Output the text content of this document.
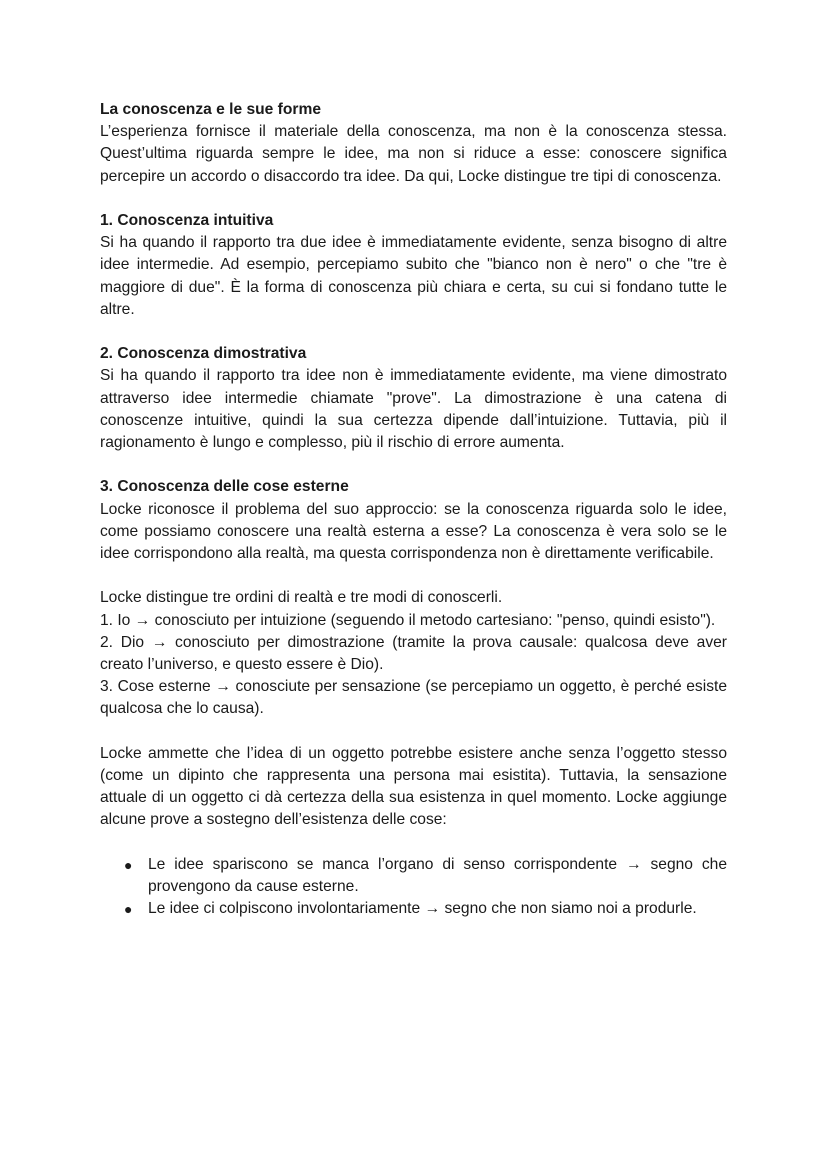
La conoscenza e le sue forme

L’esperienza fornisce il materiale della conoscenza, ma non è la conoscenza stessa. Quest’ultima riguarda sempre le idee, ma non si riduce a esse: conoscere significa percepire un accordo o disaccordo tra idee. Da qui, Locke distingue tre tipi di conoscenza.

1. Conoscenza intuitiva

Si ha quando il rapporto tra due idee è immediatamente evidente, senza bisogno di altre idee intermedie. Ad esempio, percepiamo subito che "bianco non è nero" o che "tre è maggiore di due". È la forma di conoscenza più chiara e certa, su cui si fondano tutte le altre.

2. Conoscenza dimostrativa

Si ha quando il rapporto tra idee non è immediatamente evidente, ma viene dimostrato attraverso idee intermedie chiamate "prove". La dimostrazione è una catena di conoscenze intuitive, quindi la sua certezza dipende dall’intuizione. Tuttavia, più il ragionamento è lungo e complesso, più il rischio di errore aumenta.

3. Conoscenza delle cose esterne

Locke riconosce il problema del suo approccio: se la conoscenza riguarda solo le idee, come possiamo conoscere una realtà esterna a esse? La conoscenza è vera solo se le idee corrispondono alla realtà, ma questa corrispondenza non è direttamente verificabile.

Locke distingue tre ordini di realtà e tre modi di conoscerli.

1. Io → conosciuto per intuizione (seguendo il metodo cartesiano: "penso, quindi esisto").

2. Dio → conosciuto per dimostrazione (tramite la prova causale: qualcosa deve aver creato l’universo, e questo essere è Dio).

3. Cose esterne → conosciute per sensazione (se percepiamo un oggetto, è perché esiste qualcosa che lo causa).

Locke ammette che l’idea di un oggetto potrebbe esistere anche senza l’oggetto stesso (come un dipinto che rappresenta una persona mai esistita). Tuttavia, la sensazione attuale di un oggetto ci dà certezza della sua esistenza in quel momento. Locke aggiunge alcune prove a sostegno dell’esistenza delle cose:

● Le idee spariscono se manca l’organo di senso corrispondente → segno che provengono da cause esterne.
● Le idee ci colpiscono involontariamente → segno che non siamo noi a produrle.
